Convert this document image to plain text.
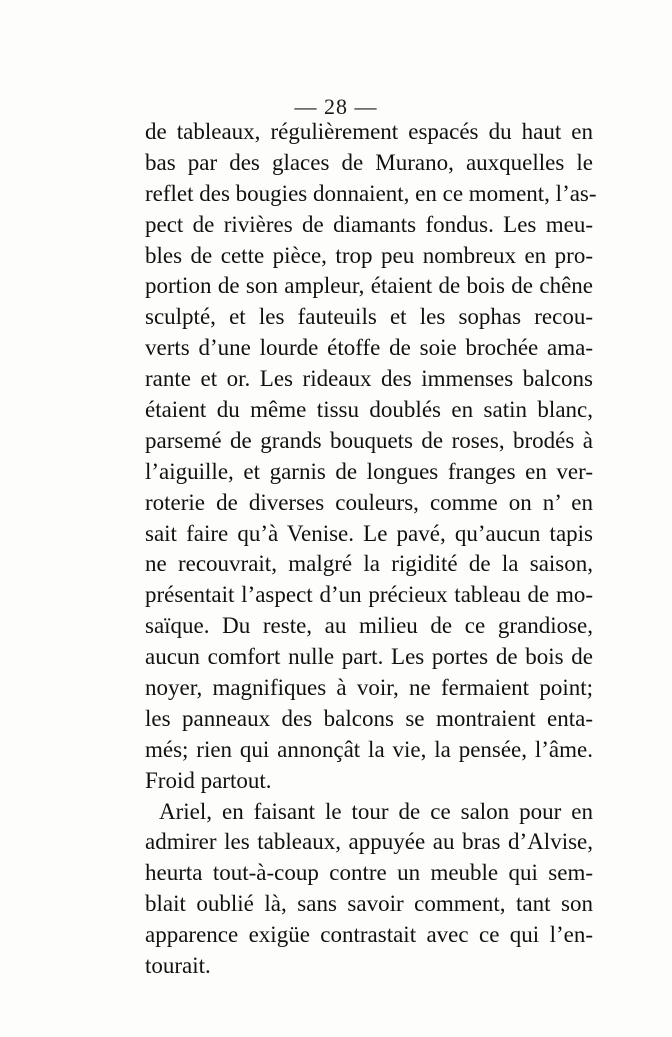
— 28 —
de tableaux, régulièrement espacés du haut en
bas par des glaces de Murano, auxquelles le
reflet des bougies donnaient, en ce moment, l’as-
pect de rivières de diamants fondus. Les meu-
bles de cette pièce, trop peu nombreux en pro-
portion de son ampleur, étaient de bois de chêne
sculpté, et les fauteuils et les sophas recou-
verts d’une lourde étoffe de soie brochée ama-
rante et or. Les rideaux des immenses balcons
étaient du même tissu doublés en satin blanc,
parsemé de grands bouquets de roses, brodés à
l’aiguille, et garnis de longues franges en ver-
roterie de diverses couleurs, comme on n’ en
sait faire qu’à Venise. Le pavé, qu’aucun tapis
ne recouvrait, malgré la rigidité de la saison,
présentait l’aspect d’un précieux tableau de mo-
saïque. Du reste, au milieu de ce grandiose,
aucun comfort nulle part. Les portes de bois de
noyer, magnifiques à voir, ne fermaient point;
les panneaux des balcons se montraient enta-
més; rien qui annonçât la vie, la pensée, l’âme.
Froid partout.
Ariel, en faisant le tour de ce salon pour en
admirer les tableaux, appuyée au bras d’Alvise,
heurta tout-à-coup contre un meuble qui sem-
blait oublié là, sans savoir comment, tant son
apparence exigüe contrastait avec ce qui l’en-
tourait.
